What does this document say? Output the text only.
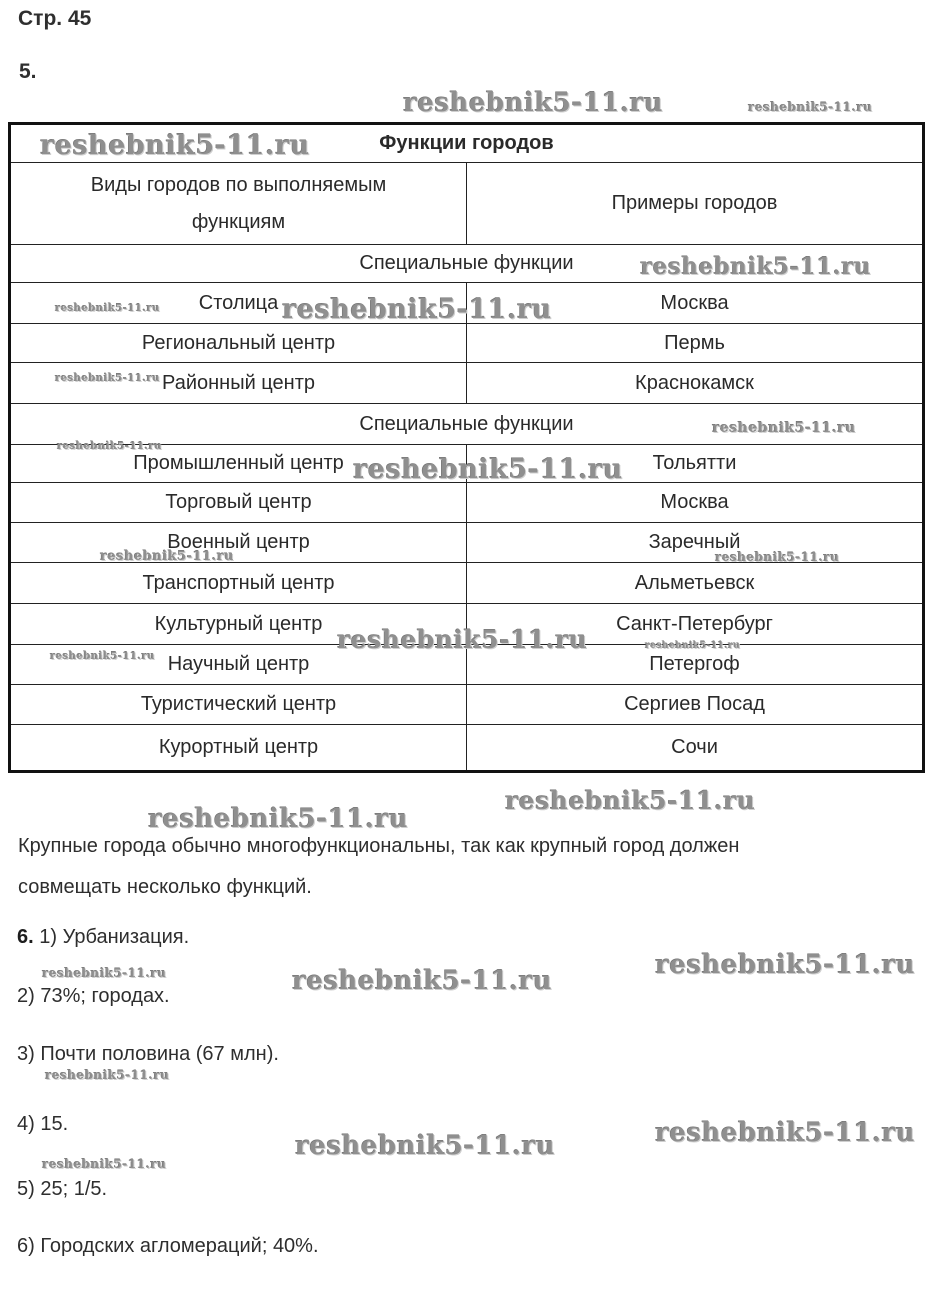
Стр. 45
5.
Функции городов	

Виды городов по выполняемым
функциям	Примеры городов
Специальные функции	
Столица	Москва
Региональный центр	Пермь
Районный центр	Краснокамск
Специальные функции	
Промышленный центр	Тольятти
Торговый центр	Москва
Военный центр	Заречный
Транспортный центр	Альметьевск
Культурный центр	Санкт-Петербург
Научный центр	Петергоф
Туристический центр	Сергиев Посад
Курортный центр	Сочи
Крупные города обычно многофункциональны, так как крупный город должен
совмещать несколько функций.
6. 1) Урбанизация.
2) 73%; городах.
3) Почти половина (67 млн).
4) 15.
5) 25; 1/5.
6) Городских агломераций; 40%.
reshebnik5-11.ru	reshebnik5-11.ru
reshebnik5-11.ru
reshebnik5-11.ru
reshebnik5-11.ru	reshebnik5-11.ru
reshebnik5-11.ru
reshebnik5-11.ru
reshebnik5-11.ru
reshebnik5-11.ru
reshebnik5-11.ru	reshebnik5-11.ru
reshebnik5-11.ru	reshebnik5-11.ru
reshebnik5-11.ru
reshebnik5-11.ru
reshebnik5-11.ru
reshebnik5-11.ru
reshebnik5-11.ru
reshebnik5-11.ru
reshebnik5-11.ru
reshebnik5-11.ru
reshebnik5-11.ru
reshebnik5-11.ru
